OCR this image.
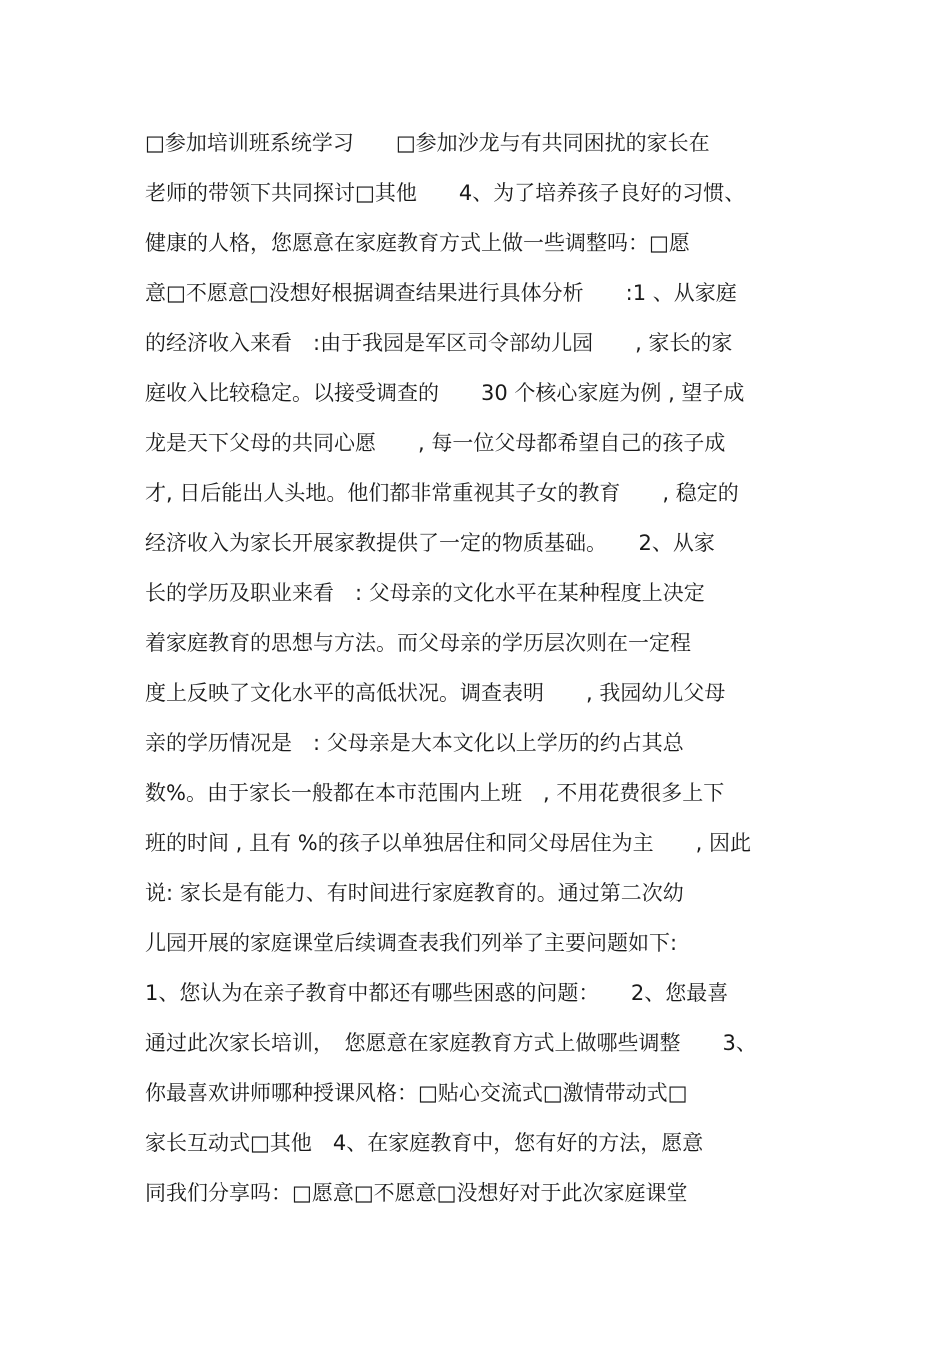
□参加培训班系统学习　　□参加沙龙与有共同困扰的家长在
老师的带领下共同探讨□其他　　4、为了培养孩子良好的习惯、
健康的人格，您愿意在家庭教育方式上做一些调整吗：□愿
意□不愿意□没想好根据调查结果进行具体分析　　:1 、从家庭
的经济收入来看　:由于我园是军区司令部幼儿园　　, 家长的家
庭收入比较稳定。以接受调查的　　30 个核心家庭为例 , 望子成
龙是天下父母的共同心愿　　, 每一位父母都希望自己的孩子成
才, 日后能出人头地。他们都非常重视其子女的教育　　, 稳定的
经济收入为家长开展家教提供了一定的物质基础。　　2、从家
长的学历及职业来看　: 父母亲的文化水平在某种程度上决定
着家庭教育的思想与方法。而父母亲的学历层次则在一定程
度上反映了文化水平的高低状况。调查表明　　, 我园幼儿父母
亲的学历情况是　: 父母亲是大本文化以上学历的约占其总
数%。由于家长一般都在本市范围内上班　, 不用花费很多上下
班的时间 , 且有 %的孩子以单独居住和同父母居住为主　　, 因此
说: 家长是有能力、有时间进行家庭教育的。通过第二次幼
儿园开展的家庭课堂后续调查表我们列举了主要问题如下:
1、您认为在亲子教育中都还有哪些困惑的问题：　　2、您最喜
通过此次家长培训，　您愿意在家庭教育方式上做哪些调整　　3、
你最喜欢讲师哪种授课风格：□贴心交流式□激情带动式□
家长互动式□其他　4、在家庭教育中，您有好的方法，愿意
同我们分享吗：□愿意□不愿意□没想好对于此次家庭课堂
